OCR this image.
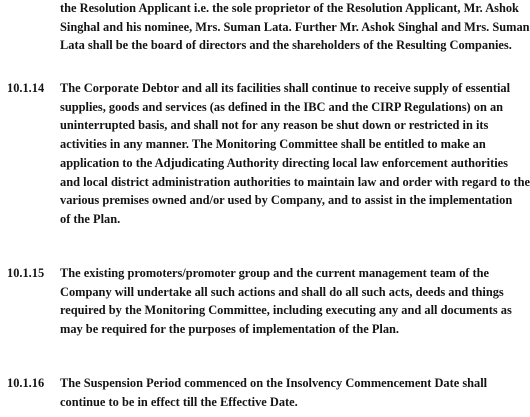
the Resolution Applicant i.e. the sole proprietor of the Resolution Applicant, Mr. Ashok
Singhal and his nominee, Mrs. Suman Lata. Further Mr. Ashok Singhal and Mrs. Suman
Lata shall be the board of directors and the shareholders of the Resulting Companies.
10.1.14 The Corporate Debtor and all its facilities shall continue to receive supply of essential
supplies, goods and services (as defined in the IBC and the CIRP Regulations) on an
uninterrupted basis, and shall not for any reason be shut down or restricted in its
activities in any manner. The Monitoring Committee shall be entitled to make an
application to the Adjudicating Authority directing local law enforcement authorities
and local district administration authorities to maintain law and order with regard to the
various premises owned and/or used by Company, and to assist in the implementation
of the Plan.
10.1.15 The existing promoters/promoter group and the current management team of the
Company will undertake all such actions and shall do all such acts, deeds and things
required by the Monitoring Committee, including executing any and all documents as
may be required for the purposes of implementation of the Plan.
10.1.16 The Suspension Period commenced on the Insolvency Commencement Date shall
continue to be in effect till the Effective Date.
